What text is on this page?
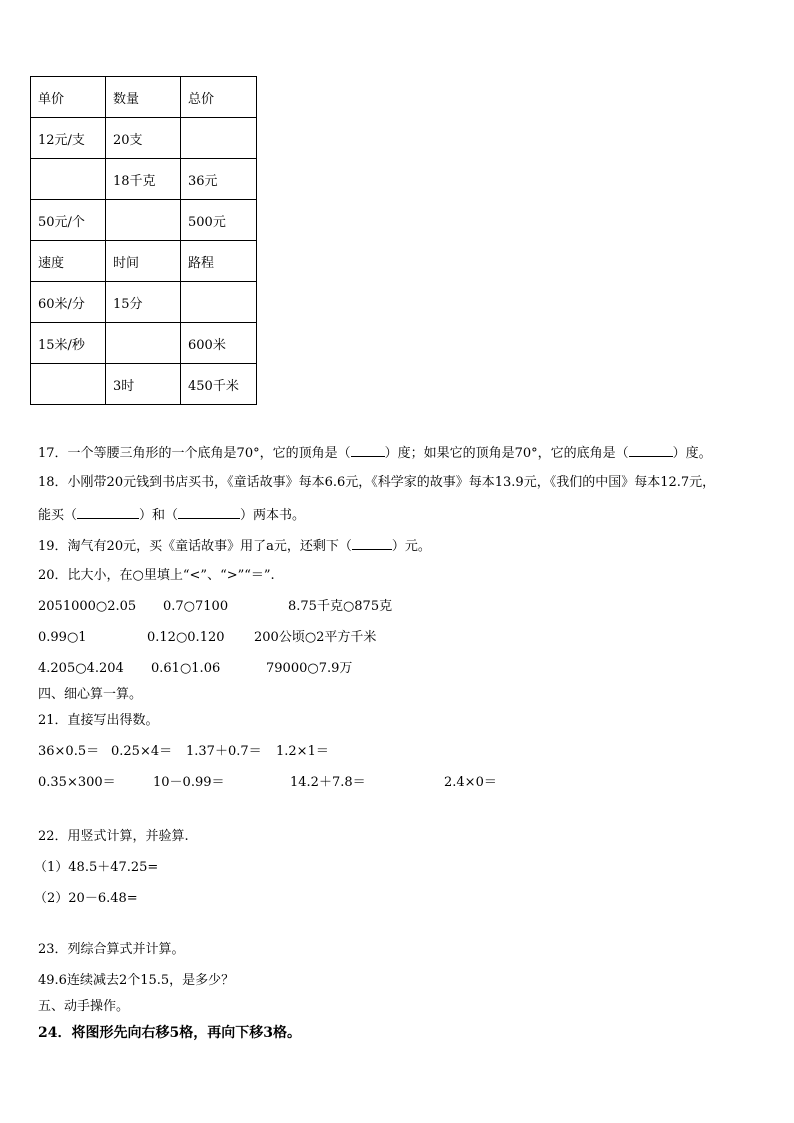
单价	数量	总价
12元/支	20支	
	18千克	36元
50元/个		500元
速度	时间	路程
60米/分	15分	
15米/秒		600米
	3时	450千米
17．一个等腰三角形的一个底角是70°，它的顶角是（	）度；如果它的顶角是70°，它的底角是（	）度。
18．小刚带20元钱到书店买书，《童话故事》每本6.6元，《科学家的故事》每本13.9元，《我们的中国》每本12.7元，
能买（	）和（	）两本书。
19．淘气有20元，买《童话故事》用了a元，还剩下（	）元。
20．比大小，在○里填上“<”、“>”“＝”.
2051000○2.05 0.7○7100	8.75千克○875克
0.99○1	0.12○0.120 200公顷○2平方千米
4.205○4.204 0.61○1.06	79000○7.9万
四、细心算一算。
21．直接写出得数。
36×0.5＝ 0.25×4＝ 1.37＋0.7＝ 1.2×1＝
0.35×300＝	10－0.99＝	14.2＋7.8＝	2.4×0＝
22．用竖式计算，并验算.
（1）48.5＋47.25=
（2）20－6.48=
23．列综合算式并计算。
49.6连续减去2个15.5，是多少？
五、动手操作。
24．将图形先向右移5格，再向下移3格。
